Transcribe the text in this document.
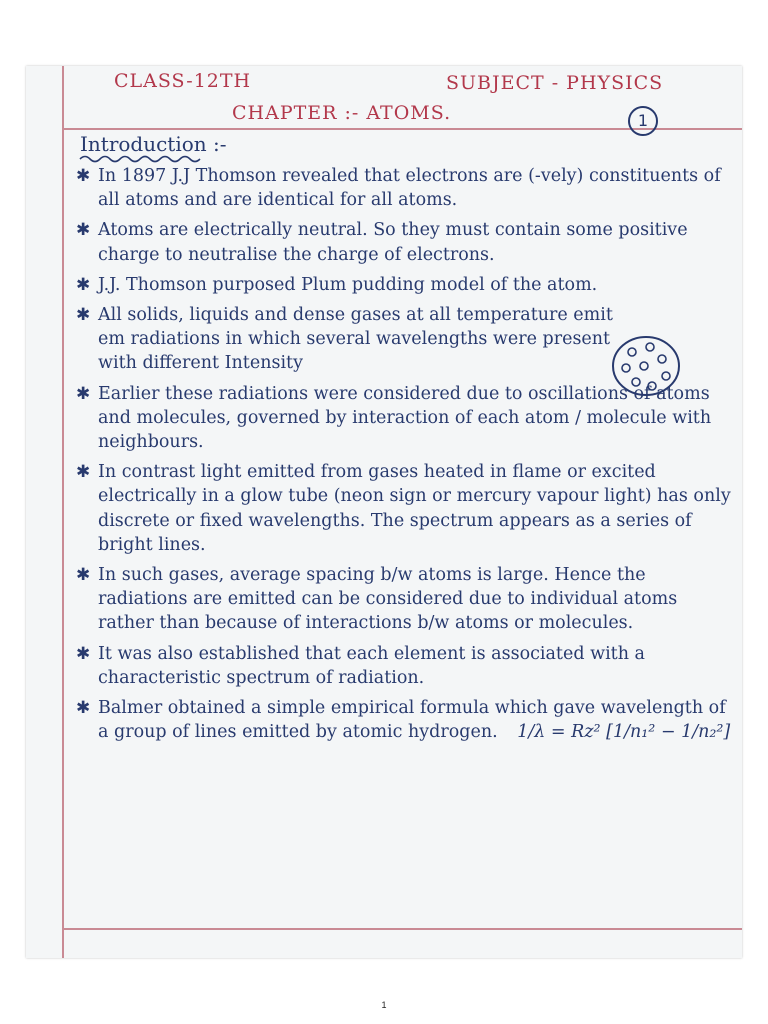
CLASS-12TH	SUBJECT - PHYSICS
CHAPTER :- ATOMS.	1
Introduction :-

✱ In 1897 J.J Thomson revealed that electrons are (-vely) constituents of all atoms and are identical for all atoms.

✱ Atoms are electrically neutral. So they must contain some positive charge to neutralise the charge of electrons.

✱ J.J. Thomson purposed Plum pudding model of the atom.

✱ All solids, liquids and dense gases at all temperature emit em radiations in which several wavelengths were present with different Intensity

✱ Earlier these radiations were considered due to oscillations of atoms and molecules, governed by interaction of each atom / molecule with neighbours.

✱ In contrast light emitted from gases heated in flame or excited electrically in a glow tube (neon sign or mercury vapour light) has only discrete or fixed wavelengths. The spectrum appears as a series of bright lines.

✱ In such gases, average spacing b/w atoms is large. Hence the radiations are emitted can be considered due to individual atoms rather than because of interactions b/w atoms or molecules.

✱ It was also established that each element is associated with a characteristic spectrum of radiation.

✱ Balmer obtained a simple empirical formula which gave wavelength of a group of lines emitted by atomic hydrogen. 1/λ = Rz² [1/n₁² − 1/n₂²]

1
